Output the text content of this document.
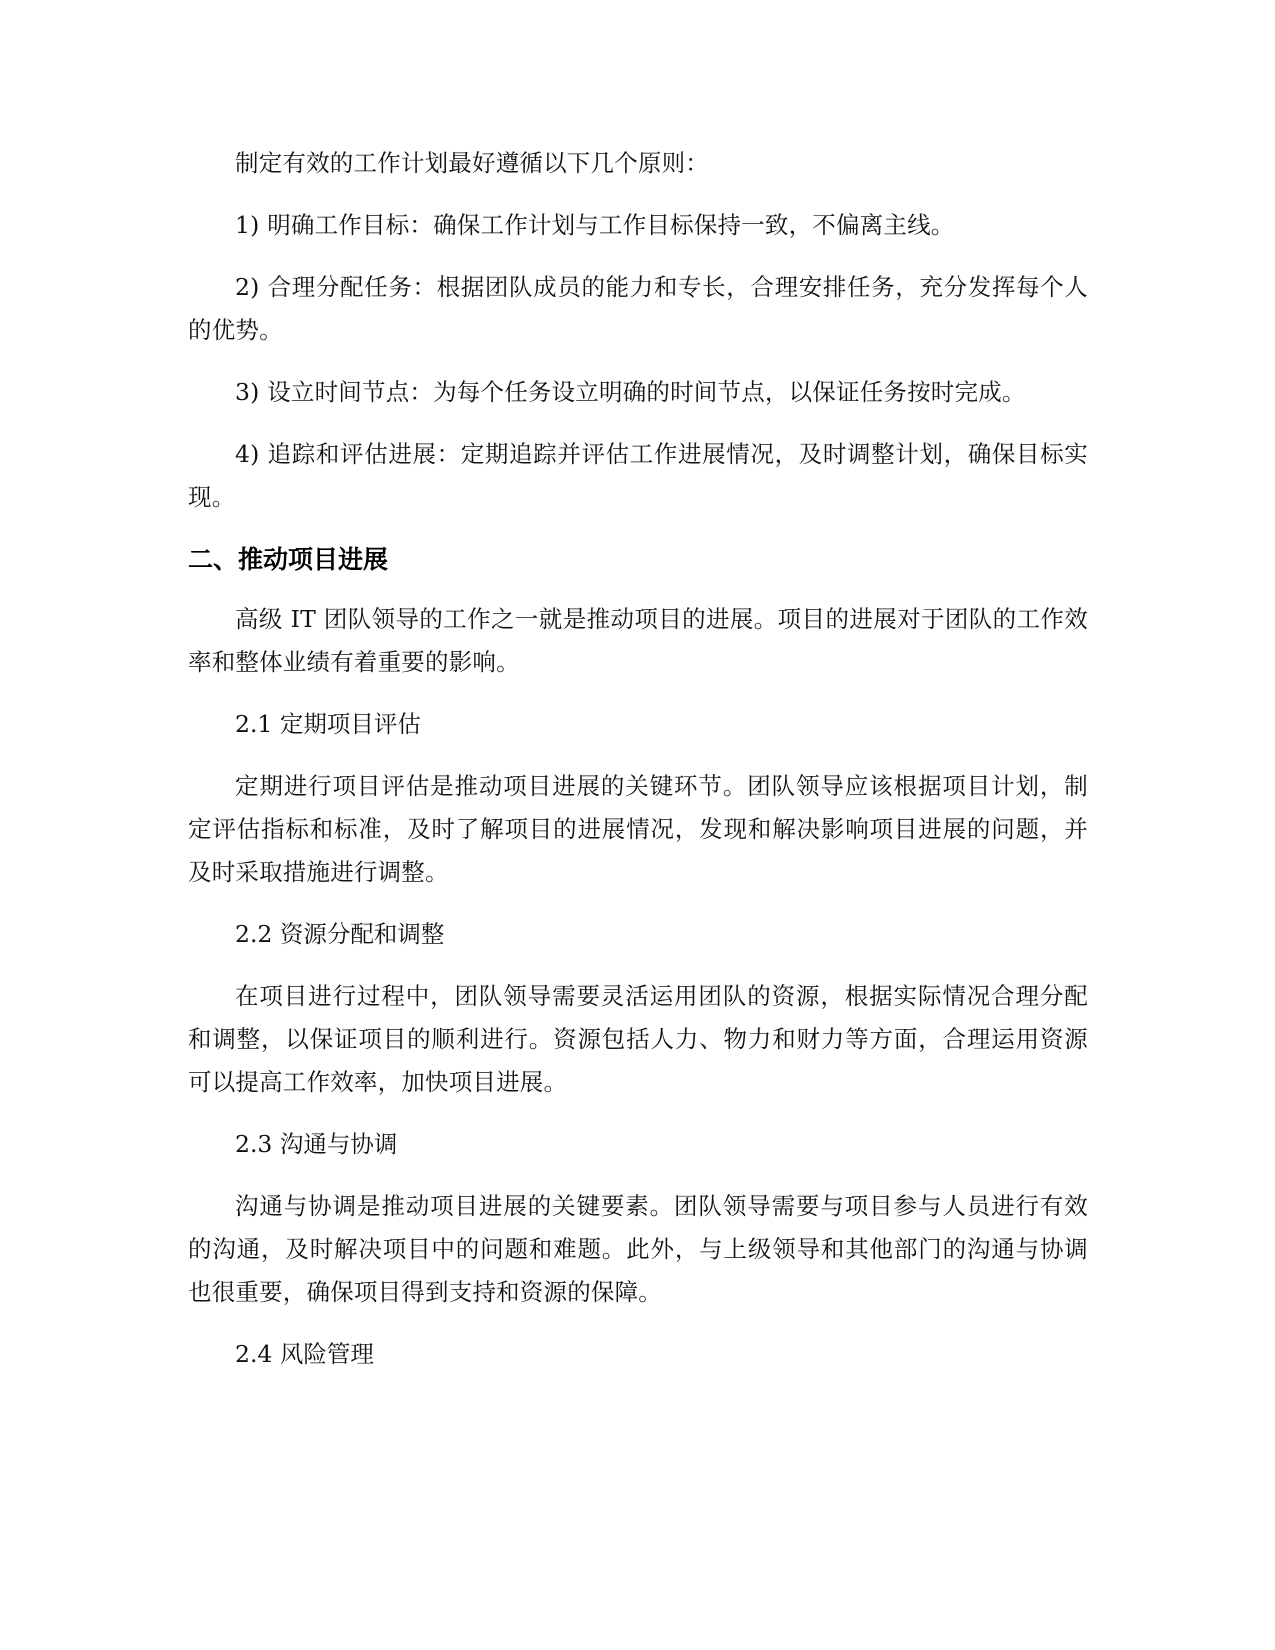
制定有效的工作计划最好遵循以下几个原则：

1) 明确工作目标：确保工作计划与工作目标保持一致，不偏离主线。

2) 合理分配任务：根据团队成员的能力和专长，合理安排任务，充分发挥每个人的优势。

3) 设立时间节点：为每个任务设立明确的时间节点，以保证任务按时完成。

4) 追踪和评估进展：定期追踪并评估工作进展情况，及时调整计划，确保目标实现。

二、推动项目进展

高级 IT 团队领导的工作之一就是推动项目的进展。项目的进展对于团队的工作效率和整体业绩有着重要的影响。

2.1 定期项目评估

定期进行项目评估是推动项目进展的关键环节。团队领导应该根据项目计划，制定评估指标和标准，及时了解项目的进展情况，发现和解决影响项目进展的问题，并及时采取措施进行调整。

2.2 资源分配和调整

在项目进行过程中，团队领导需要灵活运用团队的资源，根据实际情况合理分配和调整，以保证项目的顺利进行。资源包括人力、物力和财力等方面，合理运用资源可以提高工作效率，加快项目进展。

2.3 沟通与协调

沟通与协调是推动项目进展的关键要素。团队领导需要与项目参与人员进行有效的沟通，及时解决项目中的问题和难题。此外，与上级领导和其他部门的沟通与协调也很重要，确保项目得到支持和资源的保障。

2.4 风险管理
